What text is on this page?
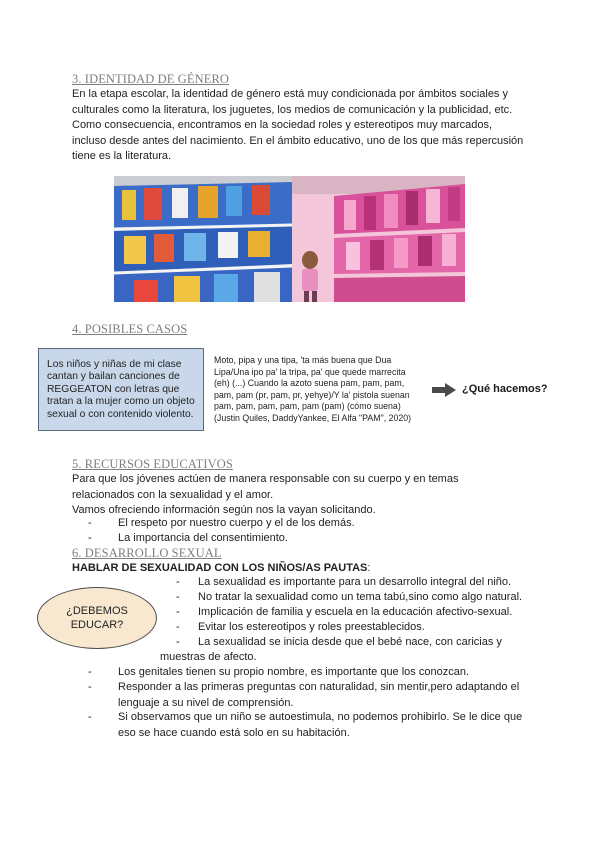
3. IDENTIDAD DE GÉNERO
En la etapa escolar, la identidad de género está muy condicionada por ámbitos sociales y
culturales como la literatura, los juguetes, los medios de comunicación y la publicidad, etc.
Como consecuencia, encontramos en la sociedad roles y estereotipos muy marcados,
incluso desde antes del nacimiento. En el ámbito educativo, uno de los que más repercusión
tiene es la literatura.
4. POSIBLES CASOS
Los niños y niñas de mi clase
cantan y bailan canciones de
REGGEATON con letras que
tratan a la mujer como un objeto
sexual o con contenido violento.
Moto, pipa y una tipa, 'ta más buena que Dua
Lipa/Una ipo pa' la tripa, pa' que quede marrecita
(eh) (...) Cuando la azoto suena pam, pam, pam,
pam, pam (pr, pam, pr, yehye)/Y la' pistola suenan
pam, pam, pam, pam, pam (pam) (cómo suena)
(Justin Quiles, DaddyYankee, El Alfa "PAM", 2020)
¿Qué hacemos?
5. RECURSOS EDUCATIVOS
Para que los jóvenes actúen de manera responsable con su cuerpo y en temas
relacionados con la sexualidad y el amor.
Vamos ofreciendo información según nos la vayan solicitando.
- El respeto por nuestro cuerpo y el de los demás.
- La importancia del consentimiento.
6. DESARROLLO SEXUAL
HABLAR DE SEXUALIDAD CON LOS NIÑOS/AS PAUTAS:
¿DEBEMOS
EDUCAR?
- La sexualidad es importante para un desarrollo integral del niño.
- No tratar la sexualidad como un tema tabú,sino como algo natural.
- Implicación de familia y escuela en la educación afectivo-sexual.
- Evitar los estereotipos y roles preestablecidos.
- La sexualidad se inicia desde que el bebé nace, con caricias y
muestras de afecto.
- Los genitales tienen su propio nombre, es importante que los conozcan.
- Responder a las primeras preguntas con naturalidad, sin mentir,pero adaptando el
lenguaje a su nivel de comprensión.
- Si observamos que un niño se autoestimula, no podemos prohibirlo. Se le dice que
eso se hace cuando está solo en su habitación.
